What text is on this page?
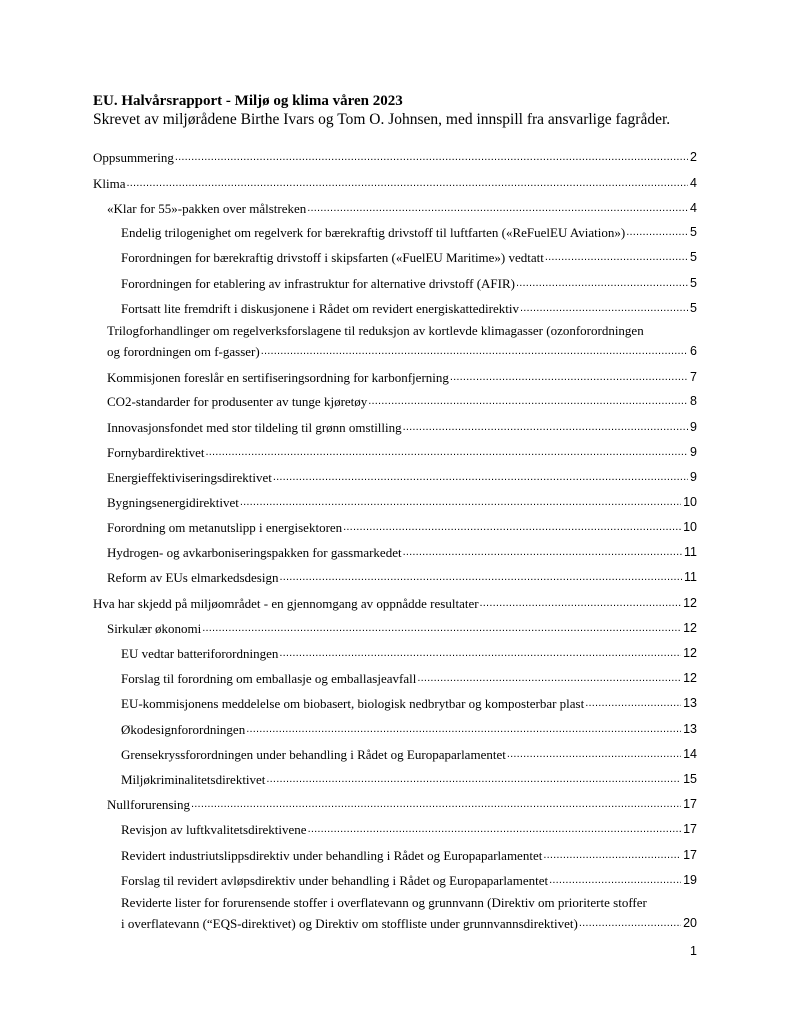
EU. Halvårsrapport - Miljø og klima våren 2023
Skrevet av miljørådene Birthe Ivars og Tom O. Johnsen, med innspill fra ansvarlige fagråder.
Oppsummering .....	2
Klima .....	4
«Klar for 55»-pakken over målstreken .....	4
Endelig trilogenighet om regelverk for bærekraftig drivstoff til luftfarten («ReFuelEU Aviation») .....	5
Forordningen for bærekraftig drivstoff i skipsfarten («FuelEU Maritime») vedtatt .....	5
Forordningen for etablering av infrastruktur for alternative drivstoff (AFIR) .....	5
Fortsatt lite fremdrift i diskusjonene i Rådet om revidert energiskattedirektiv .....	5
Trilogforhandlinger om regelverksforslagene til reduksjon av kortlevde klimagasser (ozonforordningen
og forordningen om f-gasser) .....	6
Kommisjonen foreslår en sertifiseringsordning for karbonfjerning .....	7
CO2-standarder for produsenter av tunge kjøretøy .....	8
Innovasjonsfondet med stor tildeling til grønn omstilling .....	9
Fornybardirektivet .....	9
Energieffektiviseringsdirektivet .....	9
Bygningsenergidirektivet .....	10
Forordning om metanutslipp i energisektoren .....	10
Hydrogen- og avkarboniseringspakken for gassmarkedet .....	11
Reform av EUs elmarkedsdesign .....	11
Hva har skjedd på miljøområdet - en gjennomgang av oppnådde resultater .....	12
Sirkulær økonomi .....	12
EU vedtar batteriforordningen .....	12
Forslag til forordning om emballasje og emballasjeavfall .....	12
EU-kommisjonens meddelelse om biobasert, biologisk nedbrytbar og komposterbar plast .....	13
Økodesignforordningen .....	13
Grensekryssforordningen under behandling i Rådet og Europaparlamentet .....	14
Miljøkriminalitetsdirektivet .....	15
Nullforurensing .....	17
Revisjon av luftkvalitetsdirektivene .....	17
Revidert industriutslippsdirektiv under behandling i Rådet og Europaparlamentet .....	17
Forslag til revidert avløpsdirektiv under behandling i Rådet og Europaparlamentet .....	19
Reviderte lister for forurensende stoffer i overflatevann og grunnvann (Direktiv om prioriterte stoffer
i overflatevann (“EQS-direktivet) og Direktiv om stoffliste under grunnvannsdirektivet) .....	20
1
